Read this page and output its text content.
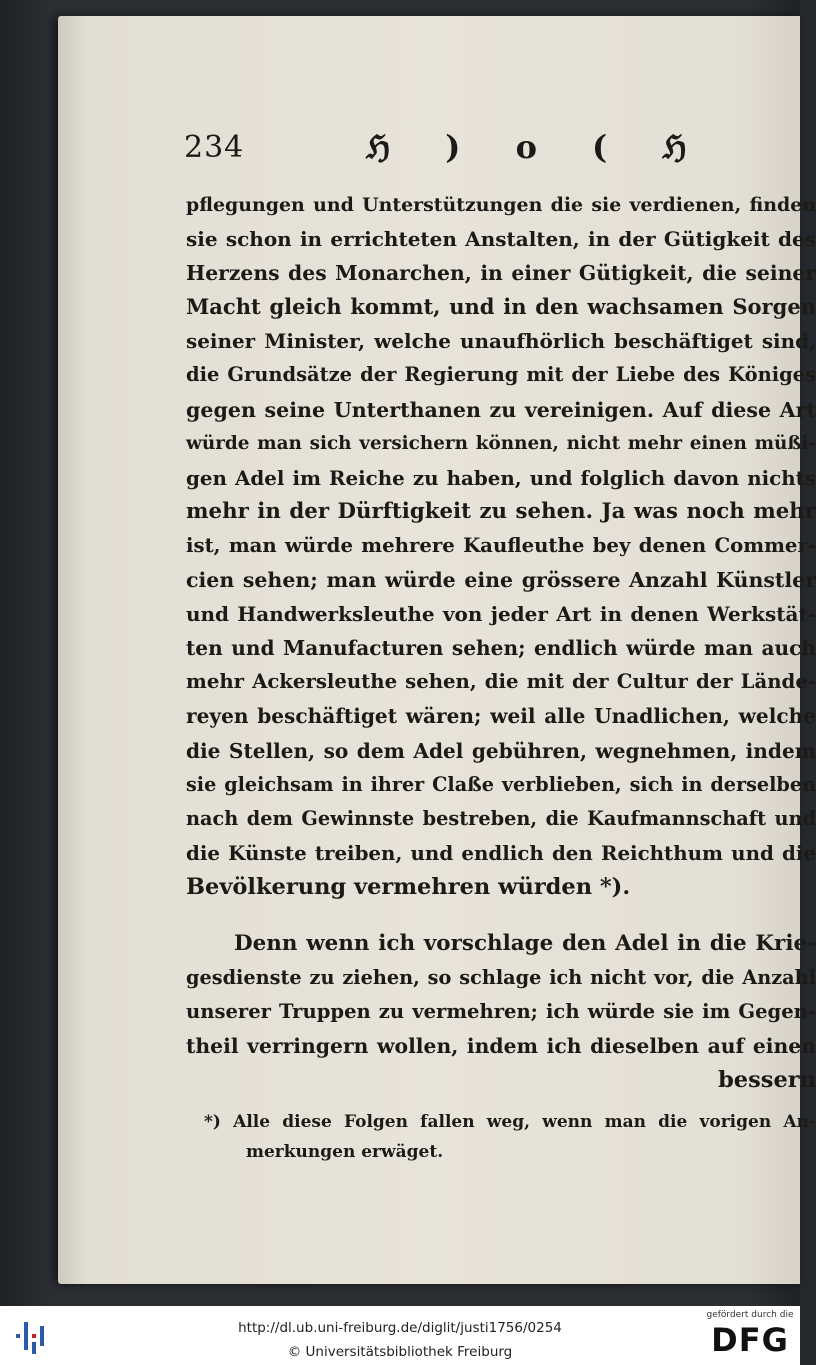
234	ℌ ) o ( ℌ
pflegungen und Unterstützungen die sie verdienen, finden
sie schon in errichteten Anstalten, in der Gütigkeit des
Herzens des Monarchen, in einer Gütigkeit, die seiner
Macht gleich kommt, und in den wachsamen Sorgen
seiner Minister, welche unaufhörlich beschäftiget sind,
die Grundsätze der Regierung mit der Liebe des Königes
gegen seine Unterthanen zu vereinigen. Auf diese Art
würde man sich versichern können, nicht mehr einen müßi-
gen Adel im Reiche zu haben, und folglich davon nichts
mehr in der Dürftigkeit zu sehen. Ja was noch mehr
ist, man würde mehrere Kaufleuthe bey denen Commer-
cien sehen; man würde eine grössere Anzahl Künstler
und Handwerksleuthe von jeder Art in denen Werkstät-
ten und Manufacturen sehen; endlich würde man auch
mehr Ackersleuthe sehen, die mit der Cultur der Lände-
reyen beschäftiget wären; weil alle Unadlichen, welche
die Stellen, so dem Adel gebühren, wegnehmen, indem
sie gleichsam in ihrer Claße verblieben, sich in derselben
nach dem Gewinnste bestreben, die Kaufmannschaft und
die Künste treiben, und endlich den Reichthum und die
Bevölkerung vermehren würden *).
Denn wenn ich vorschlage den Adel in die Krie-
gesdienste zu ziehen, so schlage ich nicht vor, die Anzahl
unserer Truppen zu vermehren; ich würde sie im Gegen-
theil verringern wollen, indem ich dieselben auf einen
bessern
*) Alle diese Folgen fallen weg, wenn man die vorigen An-
merkungen erwäget.
http://dl.ub.uni-freiburg.de/diglit/justi1756/0254
© Universitätsbibliothek Freiburg
gefördert durch die
DFG
